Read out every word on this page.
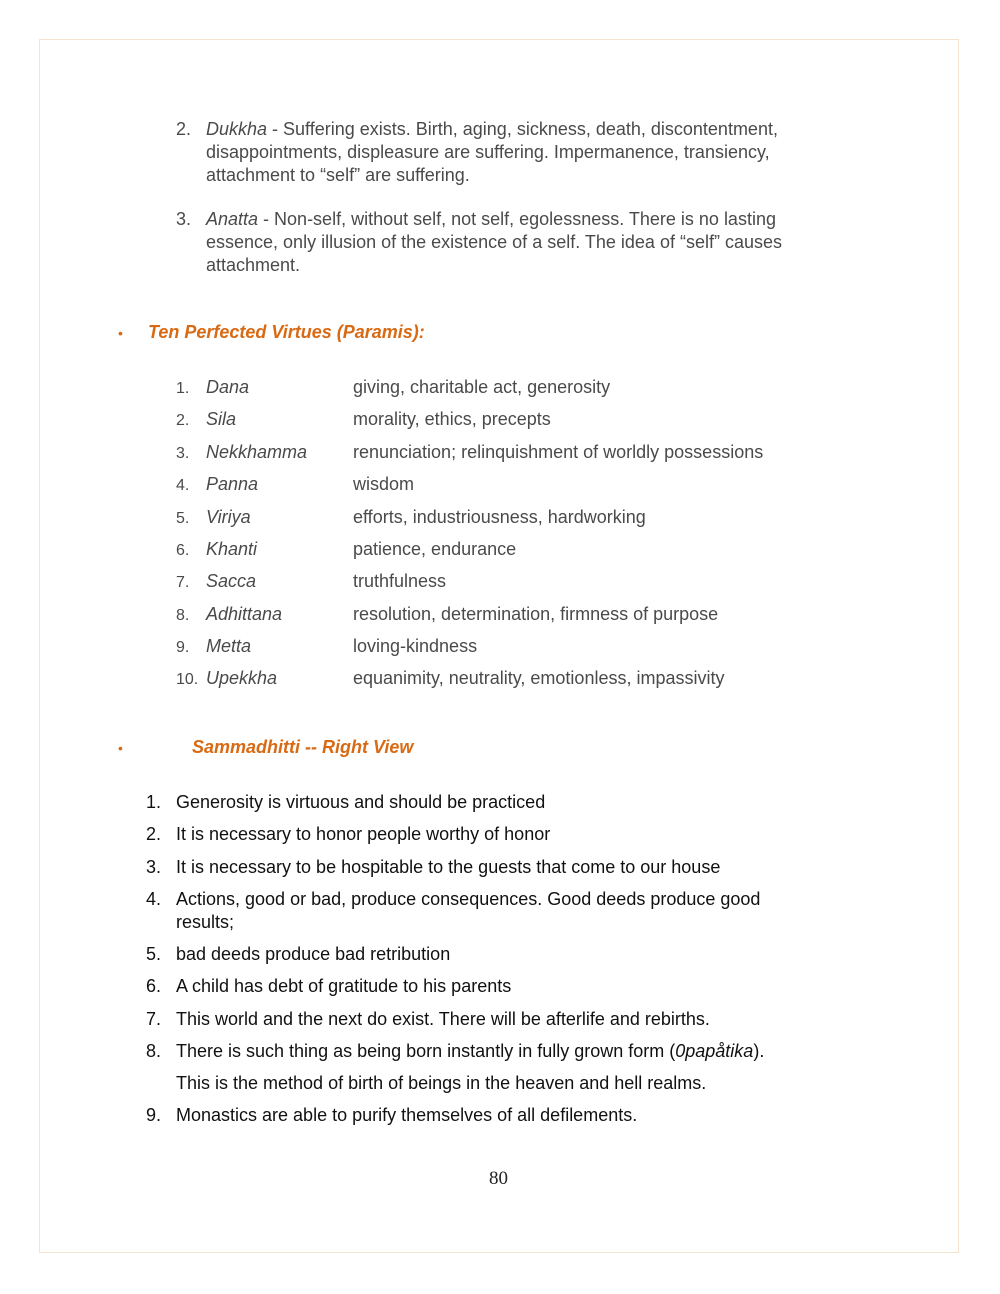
2. Dukkha - Suffering exists. Birth, aging, sickness, death, discontentment,
disappointments, displeasure are suffering. Impermanence, transiency,
attachment to “self” are suffering.
3. Anatta - Non-self, without self, not self, egolessness. There is no lasting
essence, only illusion of the existence of a self. The idea of “self” causes
attachment.
• Ten Perfected Virtues (Paramis):
1. Dana	giving, charitable act, generosity
2. Sila	morality, ethics, precepts
3. Nekkhamma	renunciation; relinquishment of worldly possessions
4. Panna	wisdom
5. Viriya	efforts, industriousness, hardworking
6. Khanti	patience, endurance
7. Sacca	truthfulness
8. Adhittana	resolution, determination, firmness of purpose
9. Metta	loving-kindness
10. Upekkha	equanimity, neutrality, emotionless, impassivity
•	Sammadhitti -- Right View
1. Generosity is virtuous and should be practiced
2. It is necessary to honor people worthy of honor
3. It is necessary to be hospitable to the guests that come to our house
4. Actions, good or bad, produce consequences. Good deeds produce good
results;
5. bad deeds produce bad retribution
6. A child has debt of gratitude to his parents
7. This world and the next do exist. There will be afterlife and rebirths.
8. There is such thing as being born instantly in fully grown form (0papåtika).
This is the method of birth of beings in the heaven and hell realms.
9. Monastics are able to purify themselves of all defilements.
80
